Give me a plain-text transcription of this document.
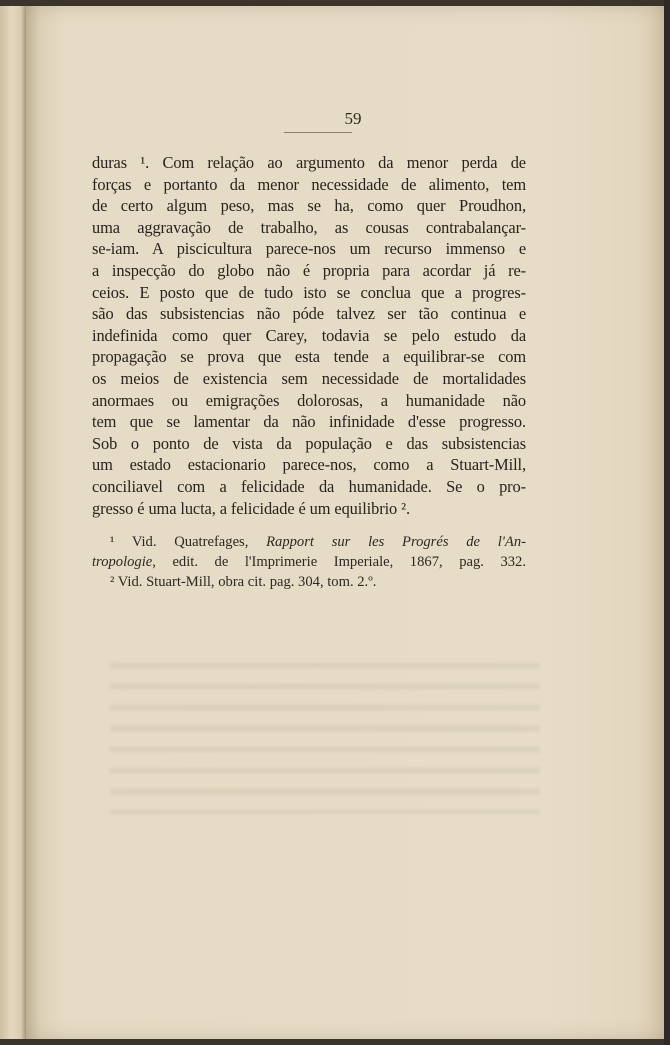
59
duras ¹. Com relação ao argumento da menor perda de
forças e portanto da menor necessidade de alimento, tem
de certo algum peso, mas se ha, como quer Proudhon,
uma aggravação de trabalho, as cousas contrabalançar-
se-iam. A piscicultura parece-nos um recurso immenso e
a inspecção do globo não é propria para acordar já re-
ceios. E posto que de tudo isto se conclua que a progres-
são das subsistencias não póde talvez ser tão continua e
indefinida como quer Carey, todavia se pelo estudo da
propagação se prova que esta tende a equilibrar-se com
os meios de existencia sem necessidade de mortalidades
anormaes ou emigrações dolorosas, a humanidade não
tem que se lamentar da não infinidade d'esse progresso.
Sob o ponto de vista da população e das subsistencias
um estado estacionario parece-nos, como a Stuart-Mill,
conciliavel com a felicidade da humanidade. Se o pro-
gresso é uma lucta, a felicidade é um equilibrio ².
¹ Vid. Quatrefages, Rapport sur les Progrés de l'An-
tropologie, edit. de l'Imprimerie Imperiale, 1867, pag. 332.
² Vid. Stuart-Mill, obra cit. pag. 304, tom. 2.º.
